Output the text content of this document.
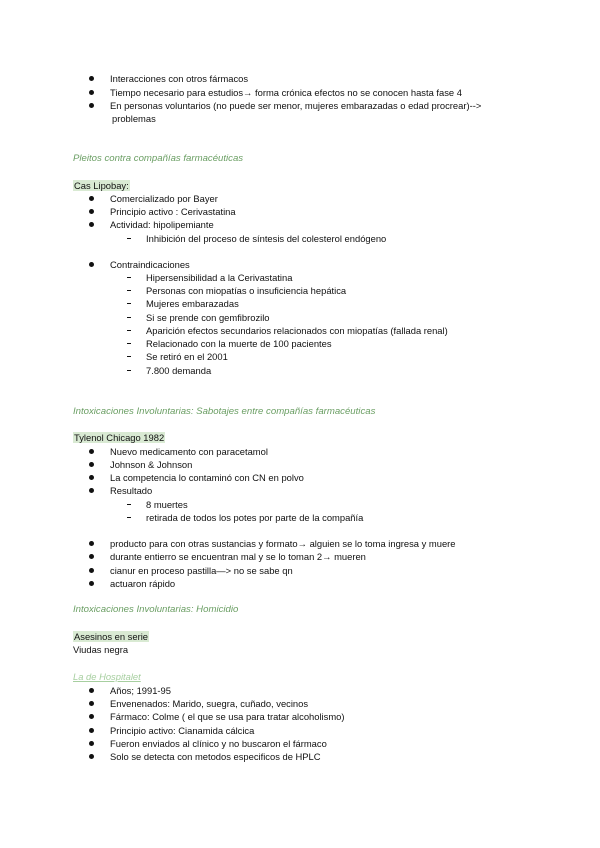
Interacciones con otros fármacos
Tiempo necesario para estudios→ forma crónica efectos no se conocen hasta fase 4
En personas voluntarios (no puede ser menor, mujeres embarazadas o edad procrear)-->
problemas
Pleitos contra compañías farmacéuticas
Cas Lipobay:
Comercializado por Bayer
Principio activo : Cerivastatina
Actividad: hipolipemiante
Inhibición del proceso de síntesis del colesterol endógeno
Contraindicaciones
Hipersensibilidad a la Cerivastatina
Personas con miopatías o insuficiencia hepática
Mujeres embarazadas
Si se prende con gemfibrozilo
Aparición efectos secundarios relacionados con miopatías (fallada renal)
Relacionado con la muerte de 100 pacientes
Se retiró en el 2001
7.800 demanda
Intoxicaciones Involuntarias: Sabotajes entre compañías farmacéuticas
Tylenol Chicago 1982
Nuevo medicamento con paracetamol
Johnson & Johnson
La competencia lo contaminó con CN en polvo
Resultado
8 muertes
retirada de todos los potes por parte de la compañía
producto para con otras sustancias y formato→ alguien se lo toma ingresa y muere
durante entierro se encuentran mal y se lo toman 2→ mueren
cianur en proceso pastilla—> no se sabe qn
actuaron rápido
Intoxicaciones Involuntarias: Homicidio
Asesinos en serie
Viudas negra
La de Hospitalet
Años; 1991-95
Envenenados: Marido, suegra, cuñado, vecinos
Fármaco: Colme ( el que se usa para tratar alcoholismo)
Principio activo: Cianamida cálcica
Fueron enviados al clínico y no buscaron el fármaco
Solo se detecta con metodos especificos de HPLC
